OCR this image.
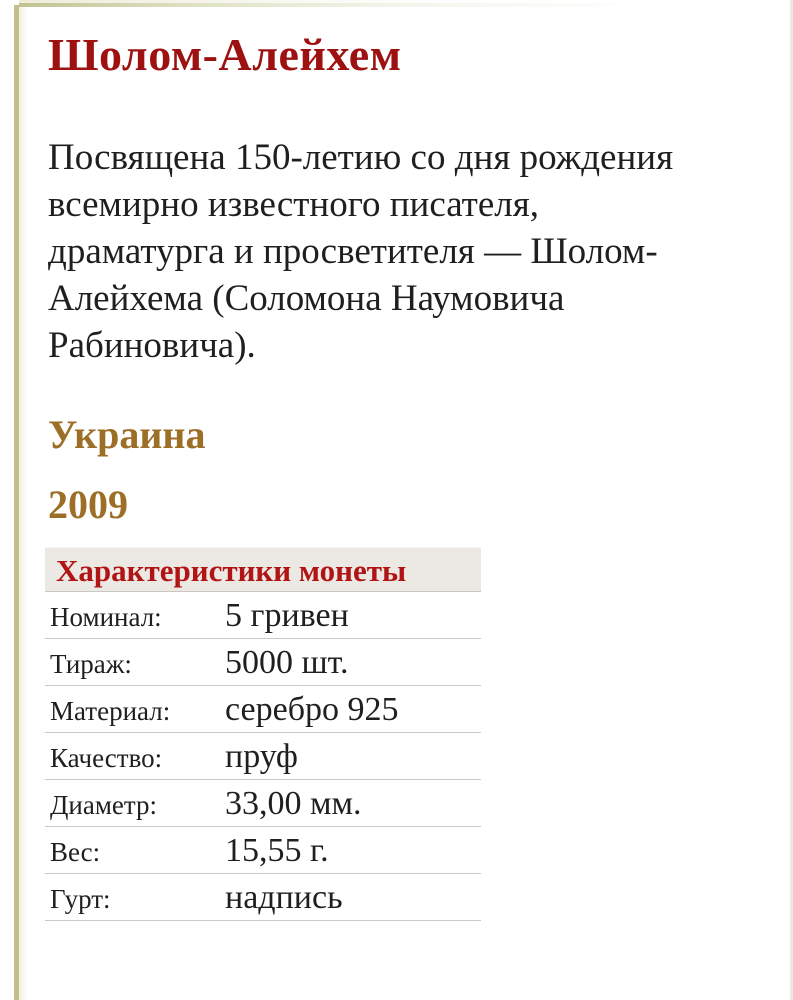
Шолом-Алейхем

Посвящена 150-летию со дня рождения всемирно известного писателя, драматурга и просветителя — Шолом-Алейхема (Соломона Наумовича Рабиновича).

Украина
2009
Характеристики монеты
Номинал:	5 гривен
Тираж:	5000 шт.
Материал:	серебро 925
Качество:	пруф
Диаметр:	33,00 мм.
Вес:	15,55 г.
Гурт:	надпись
